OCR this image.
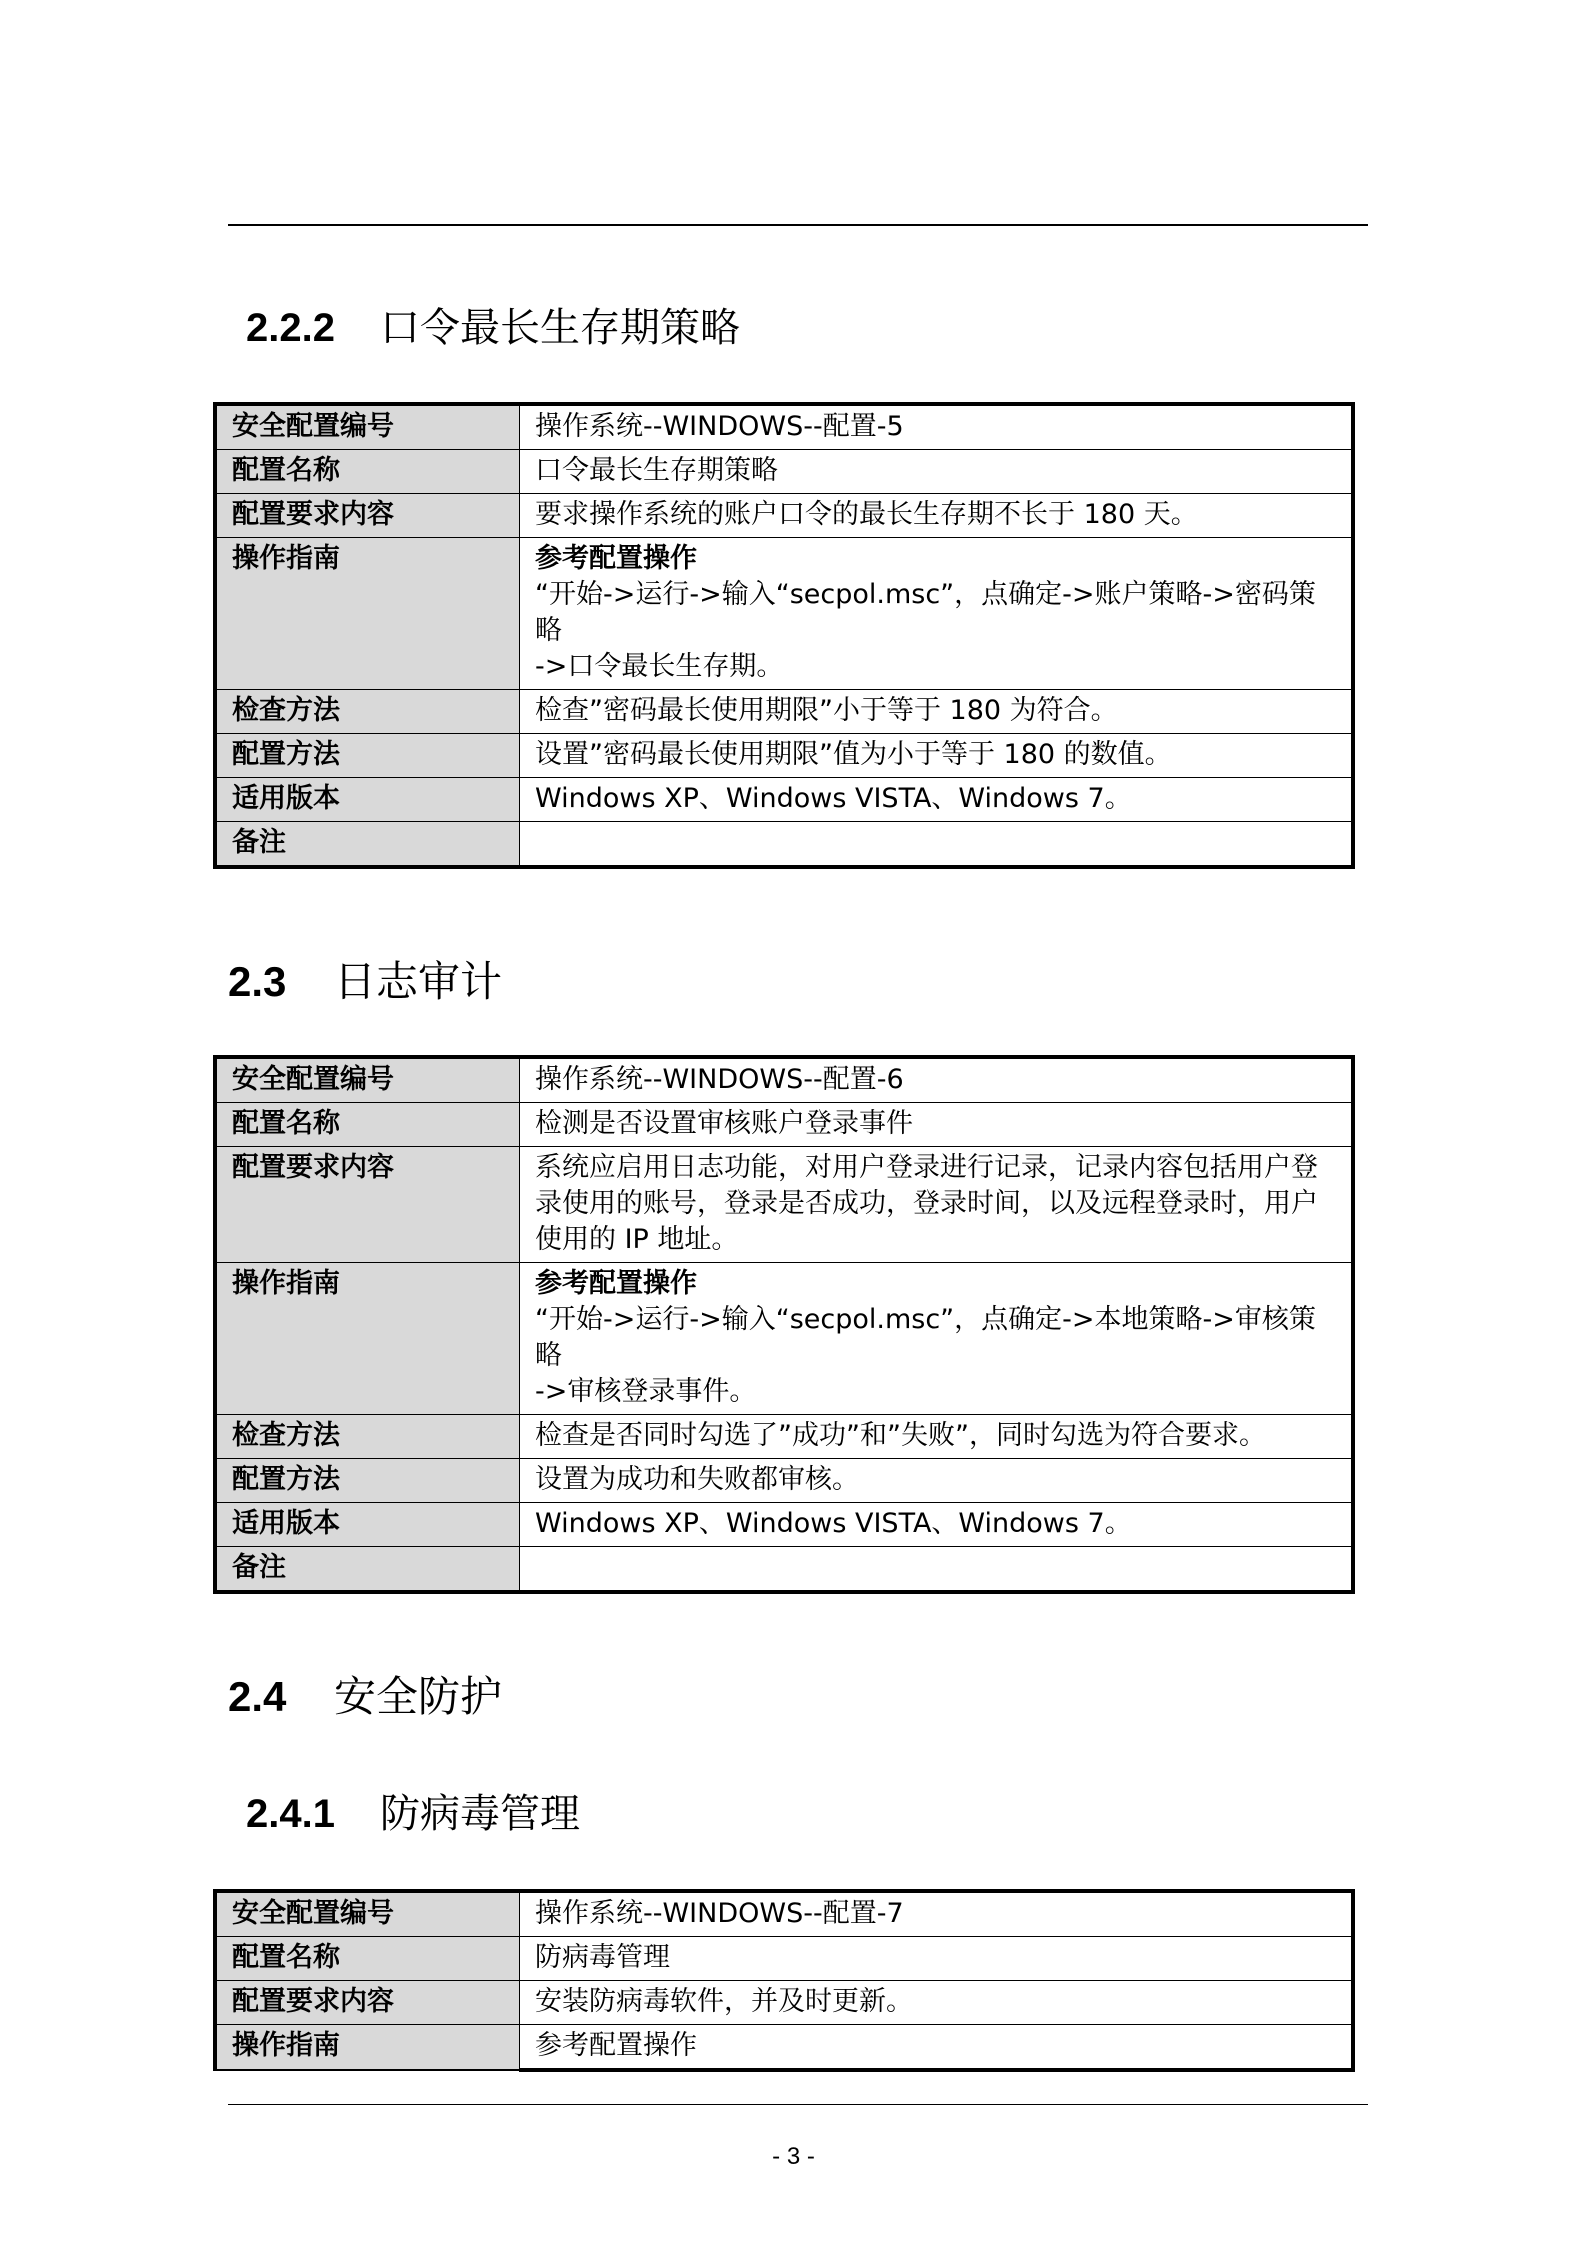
2.2.2 口令最长生存期策略
安全配置编号	操作系统--WINDOWS--配置-5
配置名称	口令最长生存期策略
配置要求内容	要求操作系统的账户口令的最长生存期不长于 180 天。
操作指南	参考配置操作
“开始->运行->输入“secpol.msc”，点确定->账户策略->密码策略
->口令最长生存期。

检查方法	检查”密码最长使用期限”小于等于 180 为符合。
配置方法	设置”密码最长使用期限”值为小于等于 180 的数值。
适用版本	Windows XP、Windows VISTA、Windows 7。
备注	
2.3 日志审计
安全配置编号	操作系统--WINDOWS--配置-6
配置名称	检测是否设置审核账户登录事件
配置要求内容	系统应启用日志功能，对用户登录进行记录，记录内容包括用户登
录使用的账号，登录是否成功，登录时间，以及远程登录时，用户
使用的 IP 地址。

操作指南	参考配置操作
“开始->运行->输入“secpol.msc”，点确定->本地策略->审核策略
->审核登录事件。

检查方法	检查是否同时勾选了”成功”和”失败”，同时勾选为符合要求。
配置方法	设置为成功和失败都审核。
适用版本	Windows XP、Windows VISTA、Windows 7。
备注	
2.4 安全防护
2.4.1 防病毒管理
安全配置编号	操作系统--WINDOWS--配置-7
配置名称	防病毒管理
配置要求内容	安装防病毒软件，并及时更新。
操作指南	参考配置操作
- 3 -
